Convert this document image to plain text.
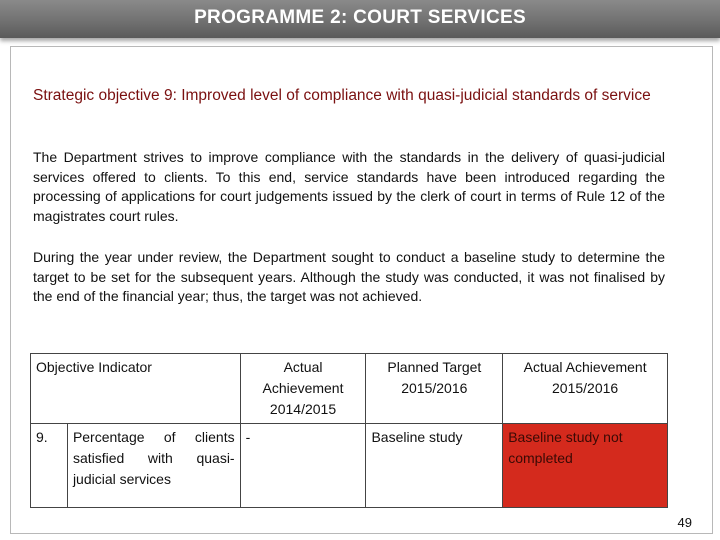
PROGRAMME 2: COURT SERVICES
Strategic objective 9: Improved level of compliance with quasi-judicial standards of service
The Department strives to improve compliance with the standards in the delivery of quasi-judicial services offered to clients. To this end, service standards have been introduced regarding the processing of applications for court judgements issued by the clerk of court in terms of Rule 12 of the magistrates court rules.
During the year under review, the Department sought to conduct a baseline study to determine the target to be set for the subsequent years. Although the study was conducted, it was not finalised by the end of the financial year; thus, the target was not achieved.
Objective Indicator		Actual Achievement 2014/2015	Planned Target 2015/2016	Actual Achievement 2015/2016
9.	Percentage of clients satisfied with quasi-judicial services	-	Baseline study	Baseline study not completed
49
